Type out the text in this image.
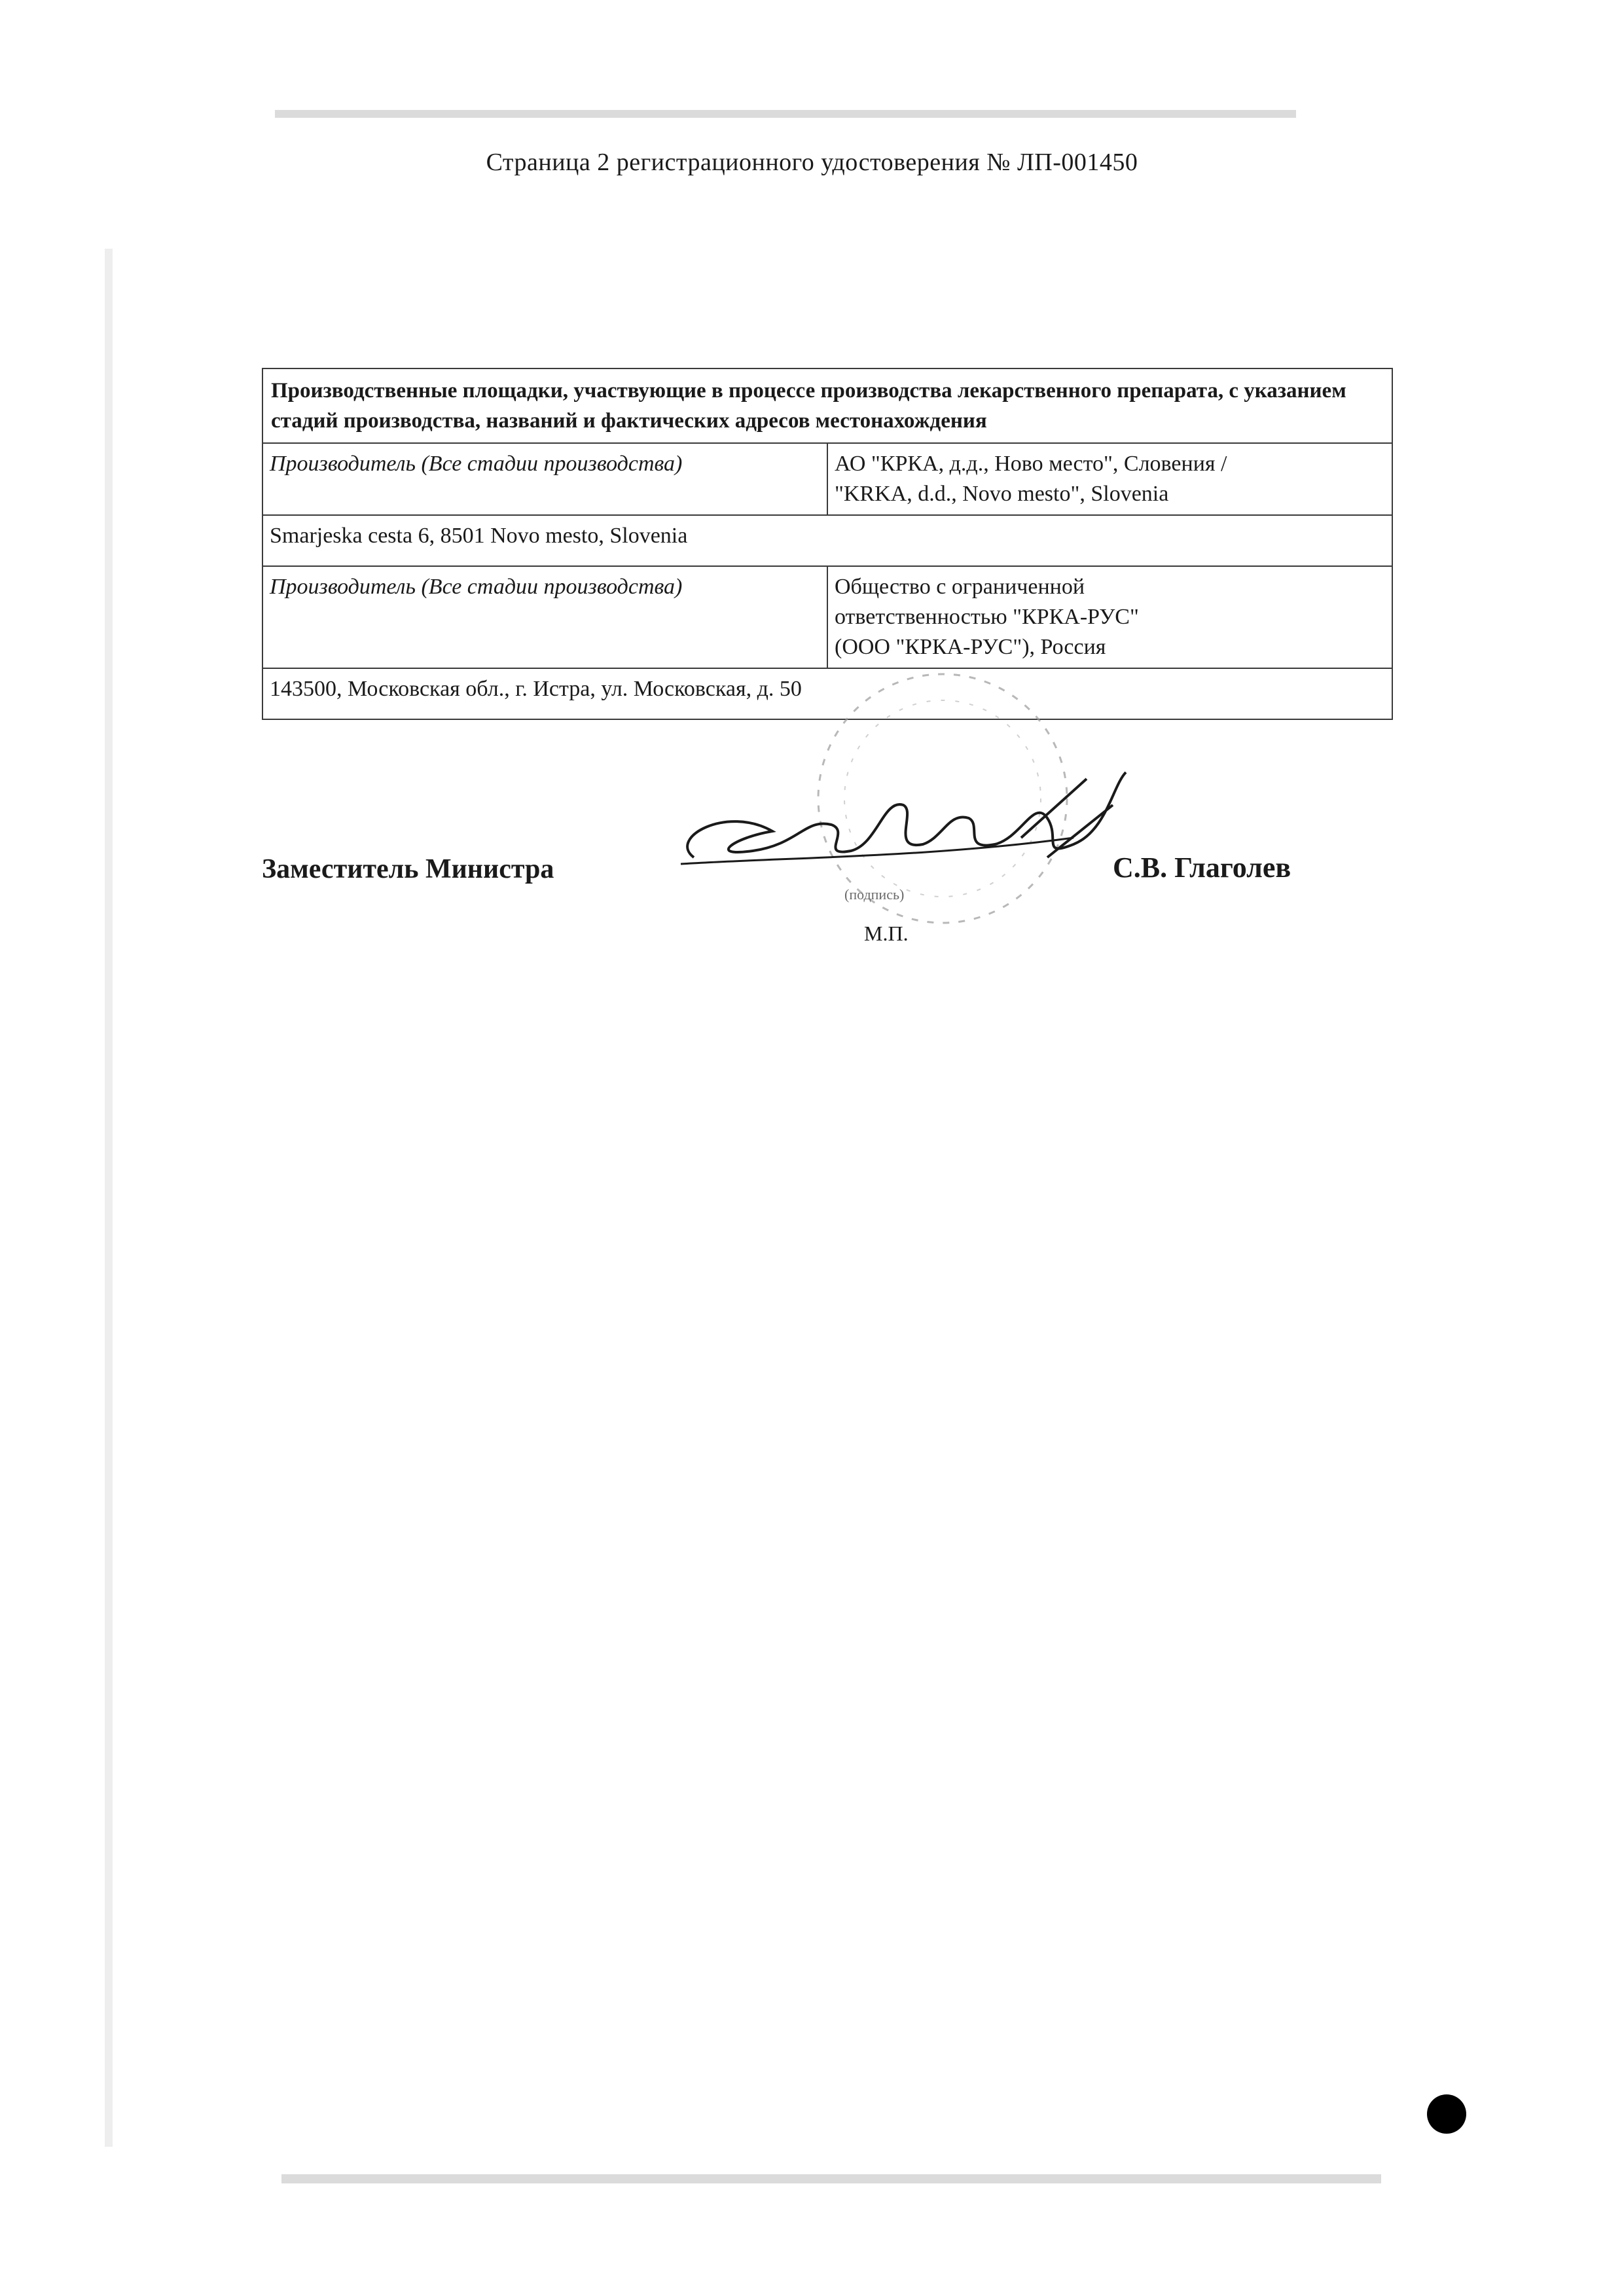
Страница 2 регистрационного удостоверения № ЛП-001450
Производственные площадки, участвующие в процессе производства лекарственного препарата, с указанием стадий производства, названий и фактических адресов местонахождения	
Производитель (Все стадии производства)	АО "КРКА, д.д., Ново место", Словения /
"KRKA, d.d., Novo mesto", Slovenia
Smarjeska cesta 6, 8501 Novo mesto, Slovenia	
Производитель (Все стадии производства)	Общество с ограниченной
ответственностью "КРКА-РУС"
(ООО "КРКА-РУС"), Россия
143500, Московская обл., г. Истра, ул. Московская, д. 50	
Заместитель Министра	С.В. Глаголев
(подпись)
М.П.
